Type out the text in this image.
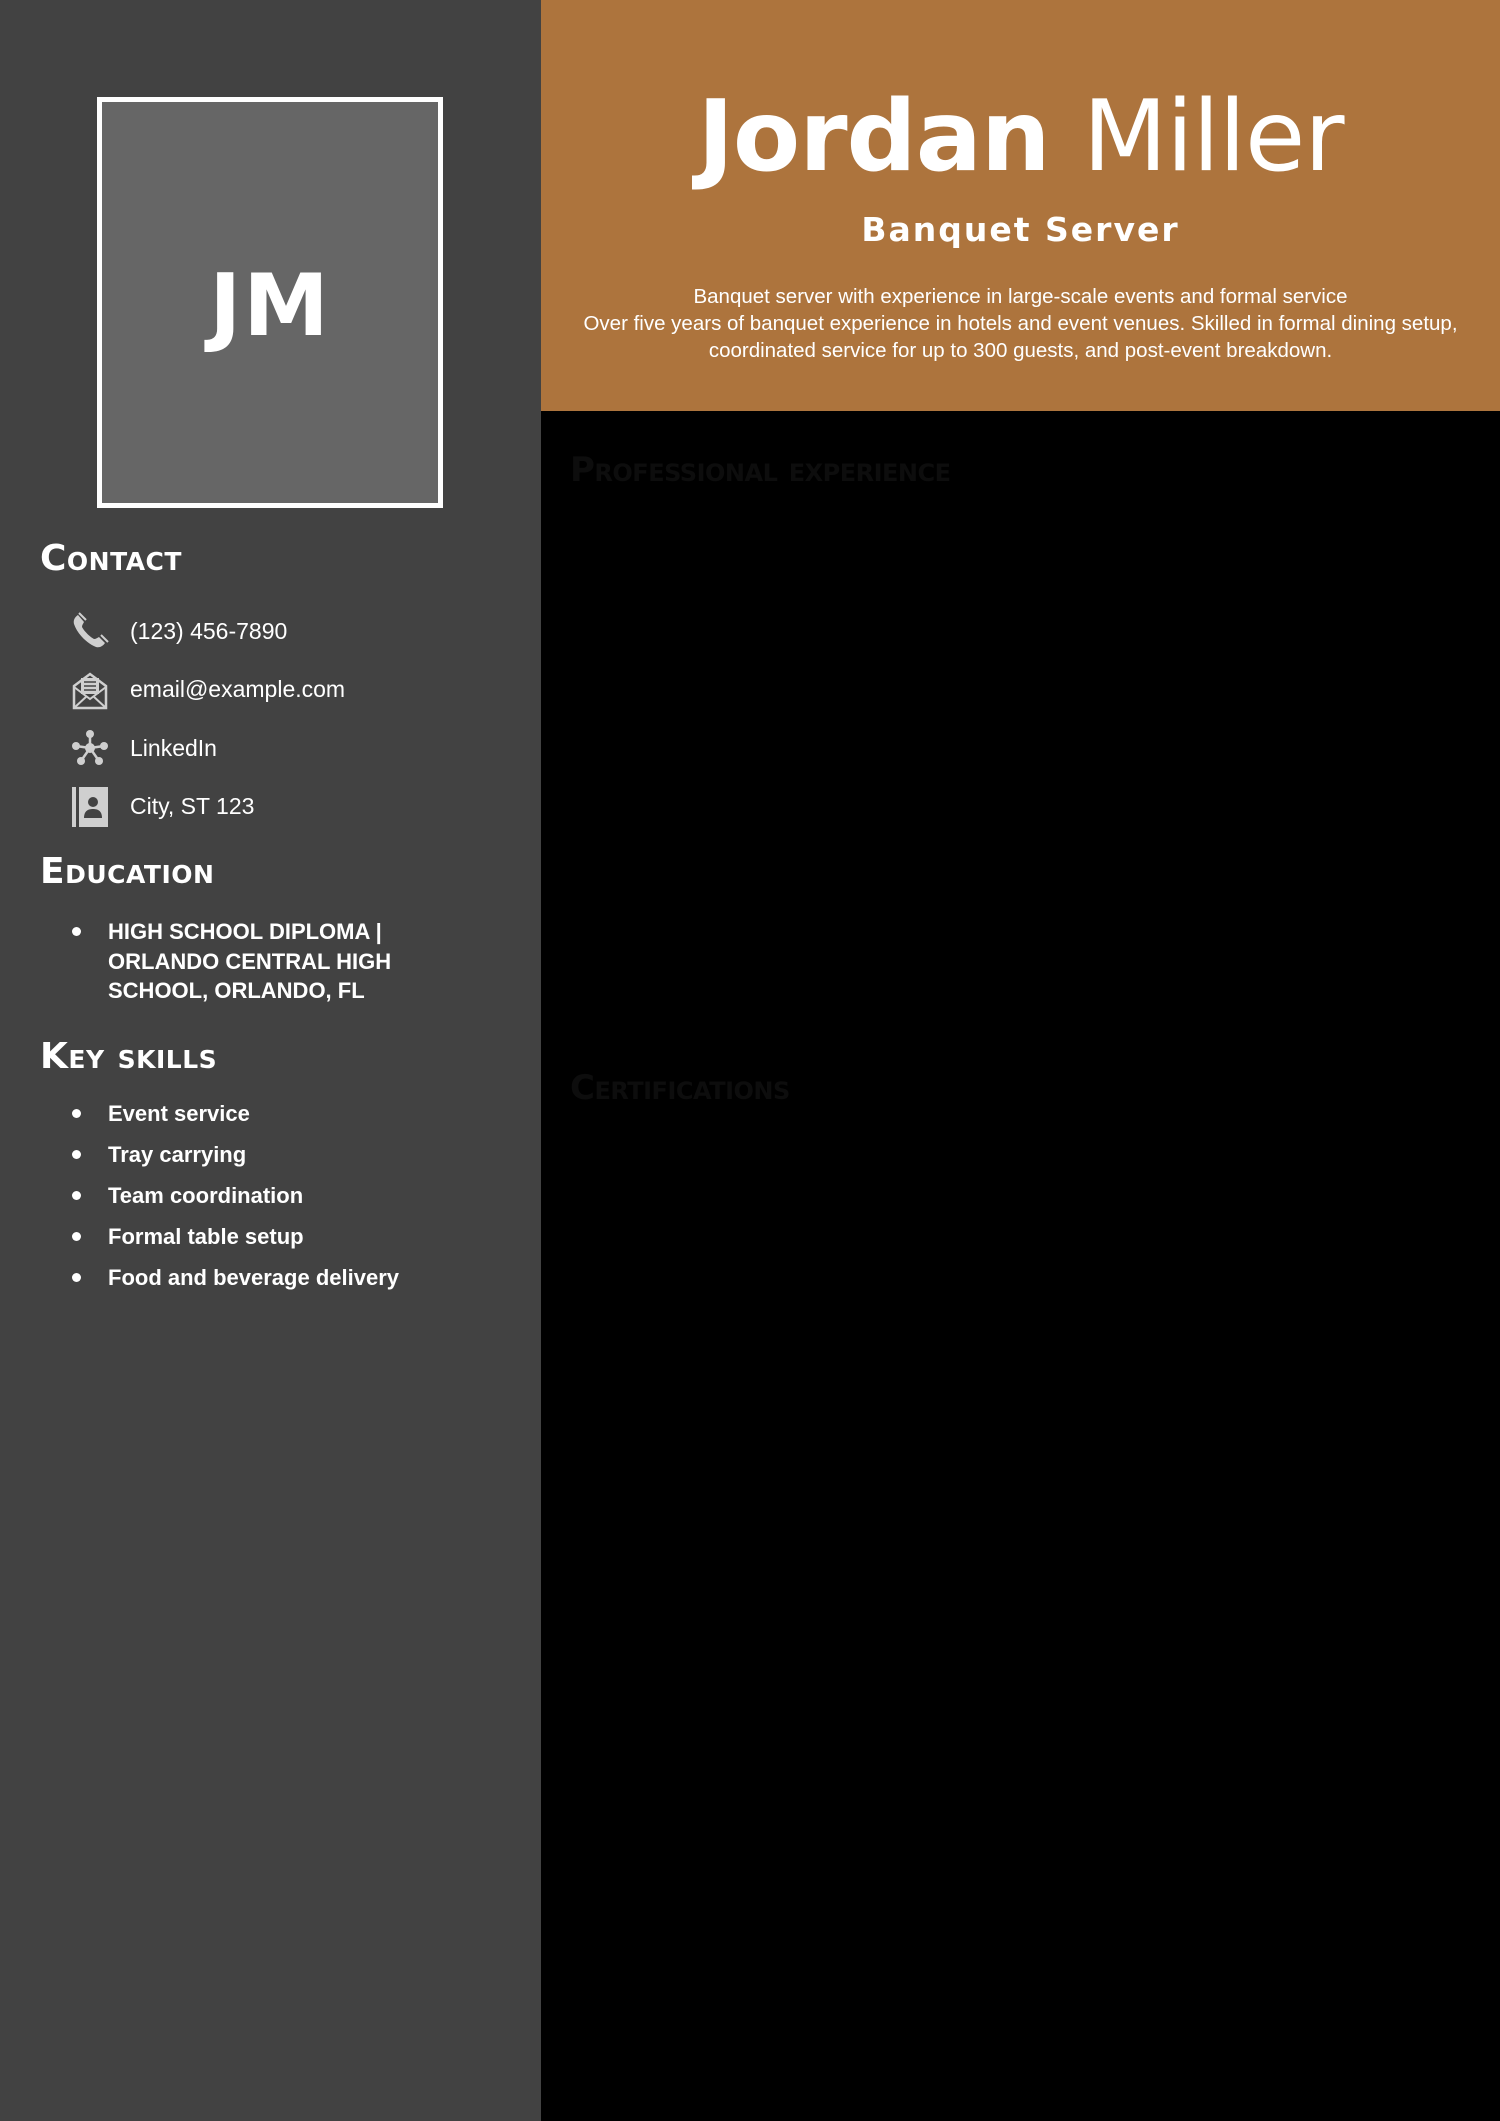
JM
Contact
(123) 456-7890
email@example.com
LinkedIn
City, ST 123
Education
HIGH SCHOOL DIPLOMA | ORLANDO CENTRAL HIGH SCHOOL, ORLANDO, FL
Key skills
Event service
Tray carrying
Team coordination
Formal table setup
Food and beverage delivery
Jordan Miller
Banquet Server
Banquet server with experience in large-scale events and formal service
Over five years of banquet experience in hotels and event venues. Skilled in formal dining setup, coordinated service for up to 300 guests, and post-event breakdown.
Professional experience
Certifications
